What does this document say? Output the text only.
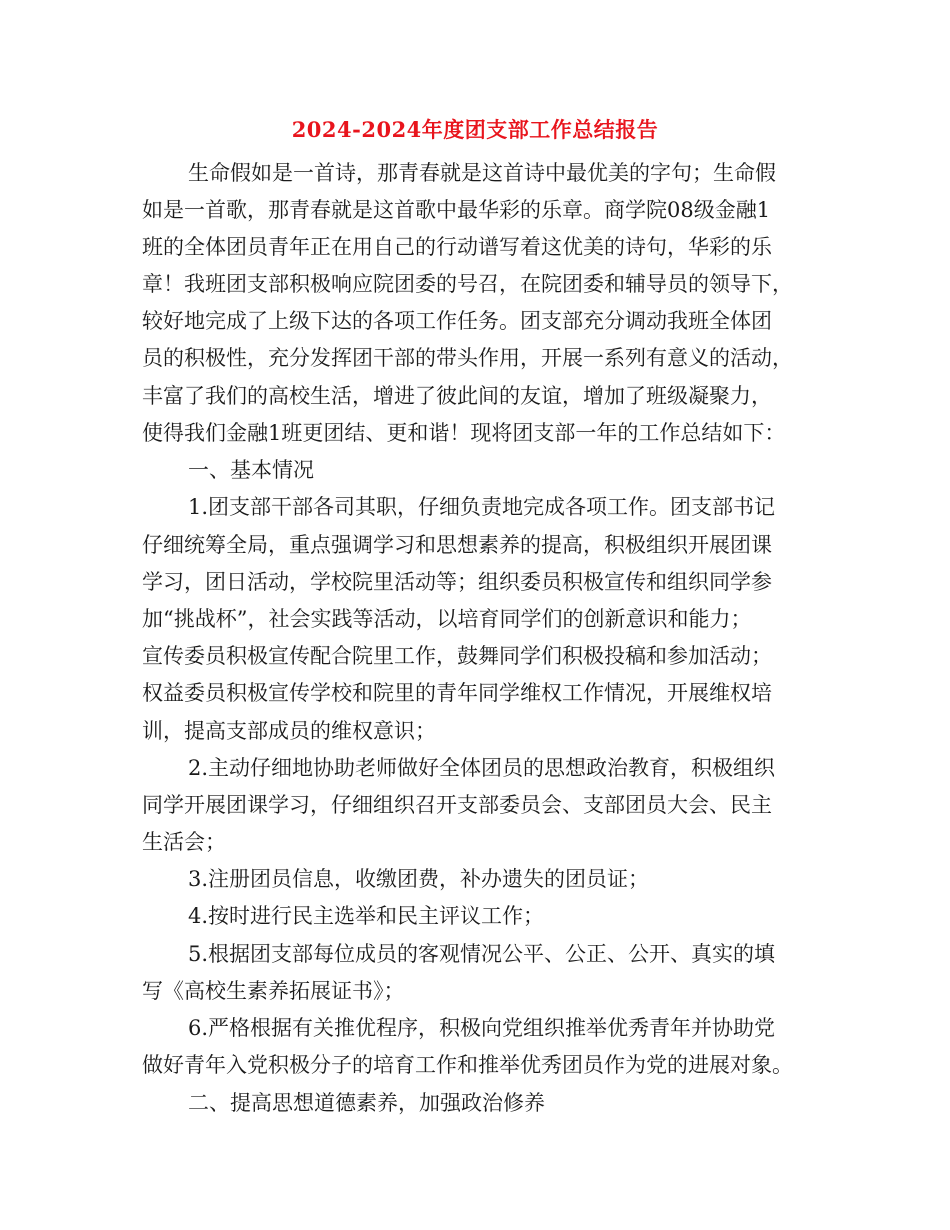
2024-2024年度团支部工作总结报告
生命假如是一首诗，那青春就是这首诗中最优美的字句；生命假
如是一首歌，那青春就是这首歌中最华彩的乐章。商学院08级金融1
班的全体团员青年正在用自己的行动谱写着这优美的诗句，华彩的乐
章！我班团支部积极响应院团委的号召，在院团委和辅导员的领导下，
较好地完成了上级下达的各项工作任务。团支部充分调动我班全体团
员的积极性，充分发挥团干部的带头作用，开展一系列有意义的活动，
丰富了我们的高校生活，增进了彼此间的友谊，增加了班级凝聚力，
使得我们金融1班更团结、更和谐！现将团支部一年的工作总结如下：
一、基本情况
1.团支部干部各司其职，仔细负责地完成各项工作。团支部书记
仔细统筹全局，重点强调学习和思想素养的提高，积极组织开展团课
学习，团日活动，学校院里活动等；组织委员积极宣传和组织同学参
加“挑战杯”，社会实践等活动，以培育同学们的创新意识和能力；
宣传委员积极宣传配合院里工作，鼓舞同学们积极投稿和参加活动；
权益委员积极宣传学校和院里的青年同学维权工作情况，开展维权培
训，提高支部成员的维权意识；
2.主动仔细地协助老师做好全体团员的思想政治教育，积极组织
同学开展团课学习，仔细组织召开支部委员会、支部团员大会、民主
生活会；
3.注册团员信息，收缴团费，补办遗失的团员证；
4.按时进行民主选举和民主评议工作；
5.根据团支部每位成员的客观情况公平、公正、公开、真实的填
写《高校生素养拓展证书》；
6.严格根据有关推优程序，积极向党组织推举优秀青年并协助党
做好青年入党积极分子的培育工作和推举优秀团员作为党的进展对象。
二、提高思想道德素养，加强政治修养
